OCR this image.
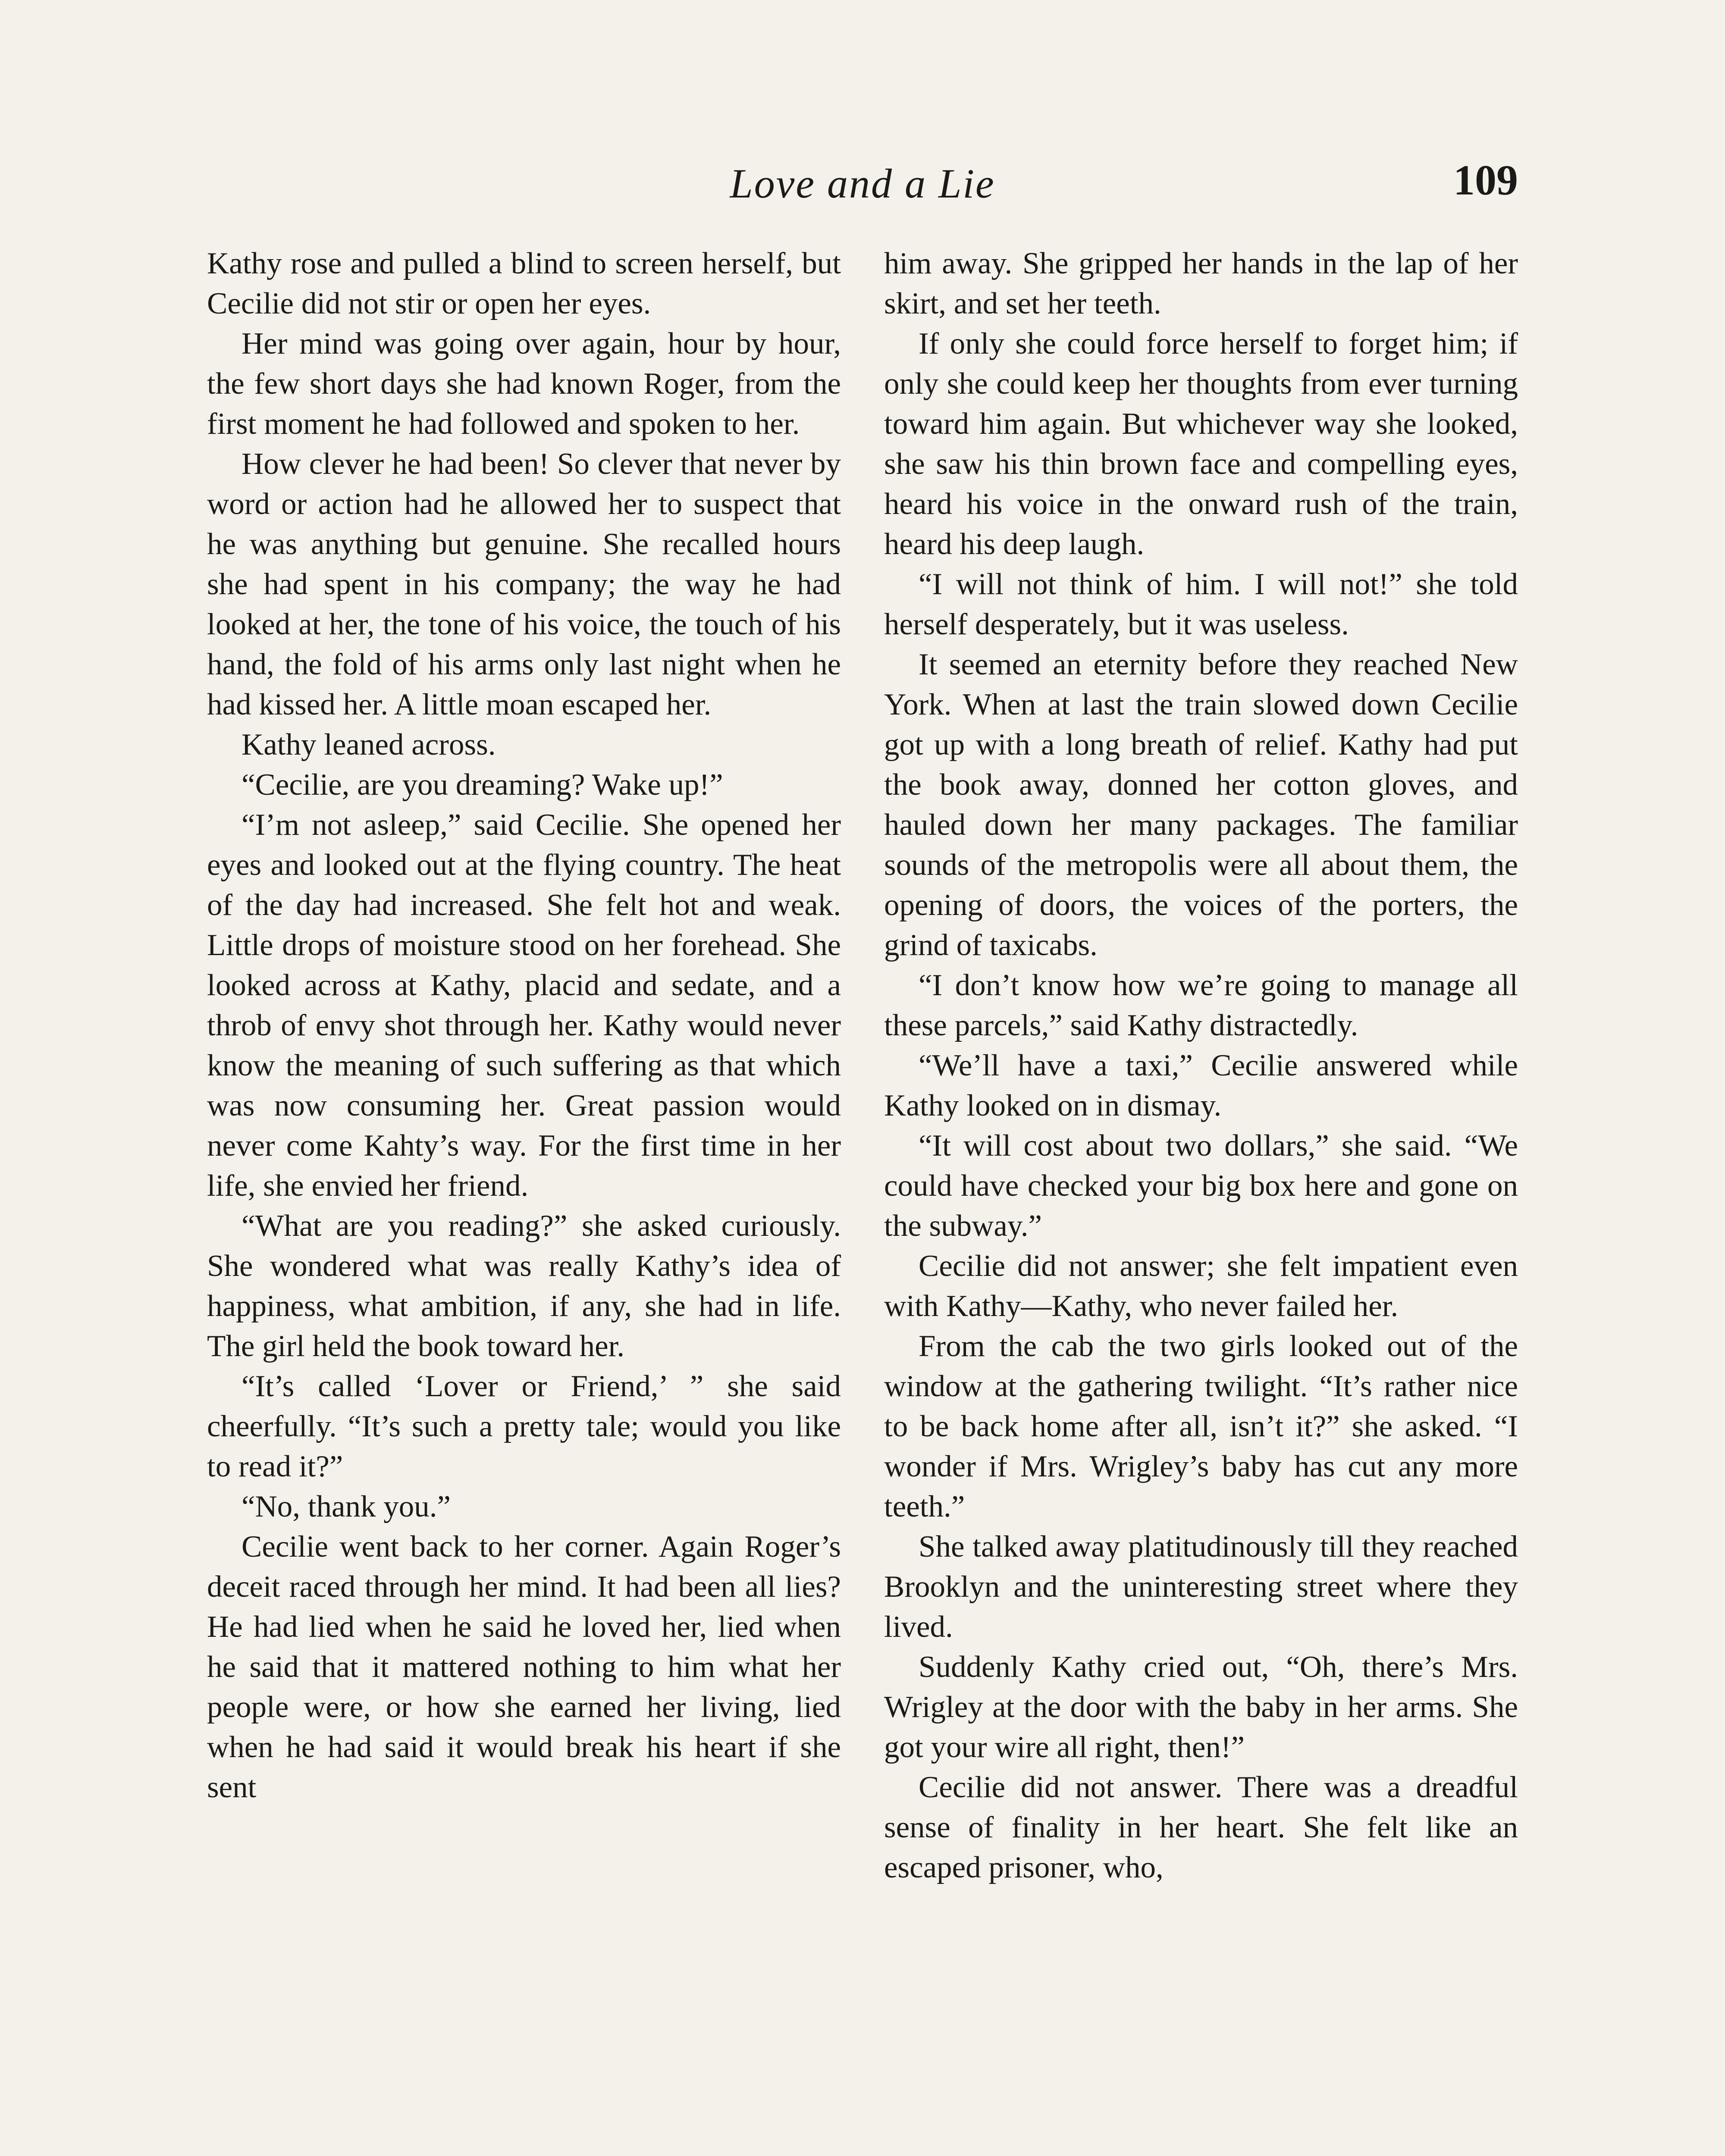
Love and a Lie	109

Kathy rose and pulled a blind to screen herself, but Cecilie did not stir or open her eyes.

Her mind was going over again, hour by hour, the few short days she had known Roger, from the first moment he had followed and spoken to her.

How clever he had been! So clever that never by word or action had he allowed her to suspect that he was anything but genuine. She recalled hours she had spent in his company; the way he had looked at her, the tone of his voice, the touch of his hand, the fold of his arms only last night when he had kissed her. A little moan escaped her.

Kathy leaned across.

“Cecilie, are you dreaming? Wake up!”

“I’m not asleep,” said Cecilie. She opened her eyes and looked out at the flying country. The heat of the day had increased. She felt hot and weak. Little drops of moisture stood on her forehead. She looked across at Kathy, placid and sedate, and a throb of envy shot through her. Kathy would never know the meaning of such suffering as that which was now consuming her. Great passion would never come Kahty’s way. For the first time in her life, she envied her friend.

“What are you reading?” she asked curiously. She wondered what was really Kathy’s idea of happiness, what ambition, if any, she had in life. The girl held the book toward her.

“It’s called ‘Lover or Friend,’ ” she said cheerfully. “It’s such a pretty tale; would you like to read it?”

“No, thank you.”

Cecilie went back to her corner. Again Roger’s deceit raced through her mind. It had been all lies? He had lied when he said he loved her, lied when he said that it mattered nothing to him what her people were, or how she earned her living, lied when he had said it would break his heart if she sent

him away. She gripped her hands in the lap of her skirt, and set her teeth.

If only she could force herself to forget him; if only she could keep her thoughts from ever turning toward him again. But whichever way she looked, she saw his thin brown face and compelling eyes, heard his voice in the onward rush of the train, heard his deep laugh.

“I will not think of him. I will not!” she told herself desperately, but it was useless.

It seemed an eternity before they reached New York. When at last the train slowed down Cecilie got up with a long breath of relief. Kathy had put the book away, donned her cotton gloves, and hauled down her many packages. The familiar sounds of the metropolis were all about them, the opening of doors, the voices of the porters, the grind of taxicabs.

“I don’t know how we’re going to manage all these parcels,” said Kathy distractedly.

“We’ll have a taxi,” Cecilie answered while Kathy looked on in dismay.

“It will cost about two dollars,” she said. “We could have checked your big box here and gone on the subway.”

Cecilie did not answer; she felt impatient even with Kathy—Kathy, who never failed her.

From the cab the two girls looked out of the window at the gathering twilight. “It’s rather nice to be back home after all, isn’t it?” she asked. “I wonder if Mrs. Wrigley’s baby has cut any more teeth.”

She talked away platitudinously till they reached Brooklyn and the uninteresting street where they lived.

Suddenly Kathy cried out, “Oh, there’s Mrs. Wrigley at the door with the baby in her arms. She got your wire all right, then!”

Cecilie did not answer. There was a dreadful sense of finality in her heart. She felt like an escaped prisoner, who,
